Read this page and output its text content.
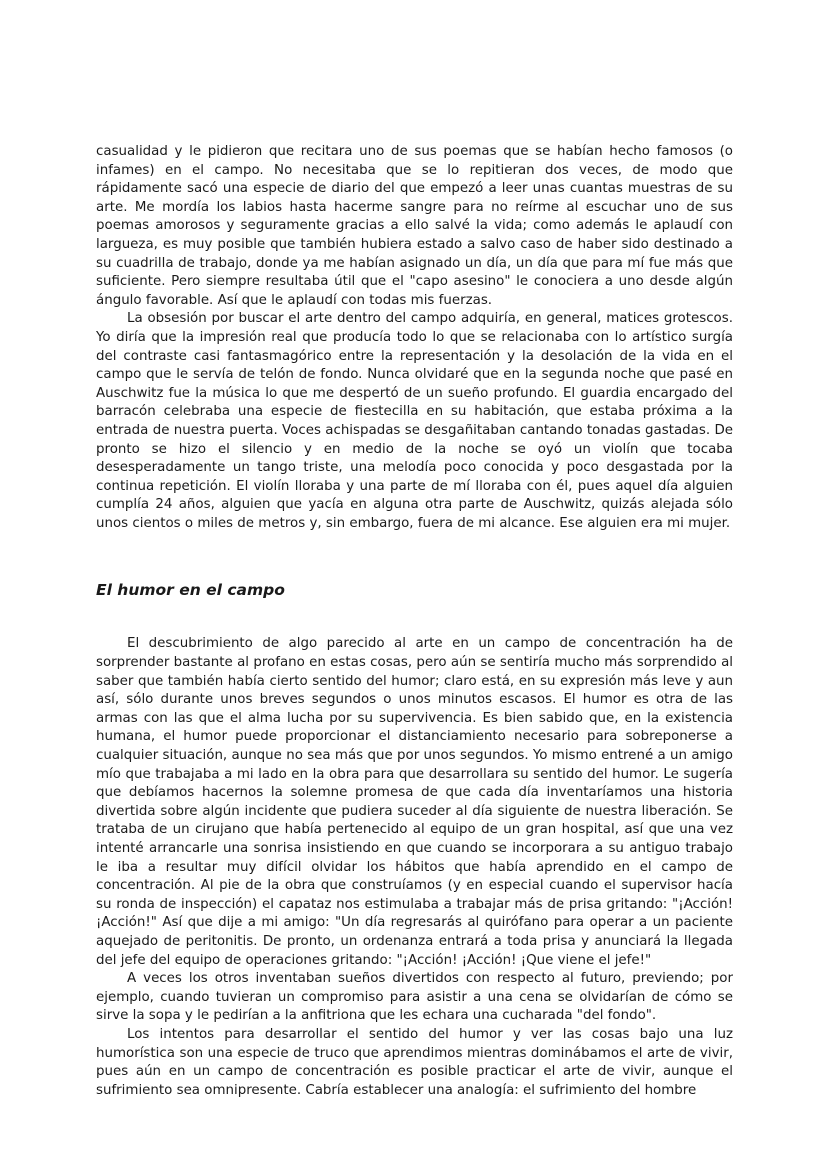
casualidad y le pidieron que recitara uno de sus poemas que se habían hecho famosos (o infames) en el campo. No necesitaba que se lo repitieran dos veces, de modo que rápidamente sacó una especie de diario del que empezó a leer unas cuantas muestras de su arte. Me mordía los labios hasta hacerme sangre para no reírme al escuchar uno de sus poemas amorosos y seguramente gracias a ello salvé la vida; como además le aplaudí con largueza, es muy posible que también hubiera estado a salvo caso de haber sido destinado a su cuadrilla de trabajo, donde ya me habían asignado un día, un día que para mí fue más que suficiente. Pero siempre resultaba útil que el "capo asesino" le conociera a uno desde algún ángulo favorable. Así que le aplaudí con todas mis fuerzas.

La obsesión por buscar el arte dentro del campo adquiría, en general, matices grotescos. Yo diría que la impresión real que producía todo lo que se relacionaba con lo artístico surgía del contraste casi fantasmagórico entre la representación y la desolación de la vida en el campo que le servía de telón de fondo. Nunca olvidaré que en la segunda noche que pasé en Auschwitz fue la música lo que me despertó de un sueño profundo. El guardia encargado del barracón celebraba una especie de fiestecilla en su habitación, que estaba próxima a la entrada de nuestra puerta. Voces achispadas se desgañitaban cantando tonadas gastadas. De pronto se hizo el silencio y en medio de la noche se oyó un violín que tocaba desesperadamente un tango triste, una melodía poco conocida y poco desgastada por la continua repetición. El violín lloraba y una parte de mí lloraba con él, pues aquel día alguien cumplía 24 años, alguien que yacía en alguna otra parte de Auschwitz, quizás alejada sólo unos cientos o miles de metros y, sin embargo, fuera de mi alcance. Ese alguien era mi mujer.

El humor en el campo

El descubrimiento de algo parecido al arte en un campo de concentración ha de sorprender bastante al profano en estas cosas, pero aún se sentiría mucho más sorprendido al saber que también había cierto sentido del humor; claro está, en su expresión más leve y aun así, sólo durante unos breves segundos o unos minutos escasos. El humor es otra de las armas con las que el alma lucha por su supervivencia. Es bien sabido que, en la existencia humana, el humor puede proporcionar el distanciamiento necesario para sobreponerse a cualquier situación, aunque no sea más que por unos segundos. Yo mismo entrené a un amigo mío que trabajaba a mi lado en la obra para que desarrollara su sentido del humor. Le sugería que debíamos hacernos la solemne promesa de que cada día inventaríamos una historia divertida sobre algún incidente que pudiera suceder al día siguiente de nuestra liberación. Se trataba de un cirujano que había pertenecido al equipo de un gran hospital, así que una vez intenté arrancarle una sonrisa insistiendo en que cuando se incorporara a su antiguo trabajo le iba a resultar muy difícil olvidar los hábitos que había aprendido en el campo de concentración. Al pie de la obra que construíamos (y en especial cuando el supervisor hacía su ronda de inspección) el capataz nos estimulaba a trabajar más de prisa gritando: "¡Acción! ¡Acción!" Así que dije a mi amigo: "Un día regresarás al quirófano para operar a un paciente aquejado de peritonitis. De pronto, un ordenanza entrará a toda prisa y anunciará la llegada del jefe del equipo de operaciones gritando: "¡Acción! ¡Acción! ¡Que viene el jefe!"

A veces los otros inventaban sueños divertidos con respecto al futuro, previendo; por ejemplo, cuando tuvieran un compromiso para asistir a una cena se olvidarían de cómo se sirve la sopa y le pedirían a la anfitriona que les echara una cucharada "del fondo".

Los intentos para desarrollar el sentido del humor y ver las cosas bajo una luz humorística son una especie de truco que aprendimos mientras dominábamos el arte de vivir, pues aún en un campo de concentración es posible practicar el arte de vivir, aunque el sufrimiento sea omnipresente. Cabría establecer una analogía: el sufrimiento del hombre
